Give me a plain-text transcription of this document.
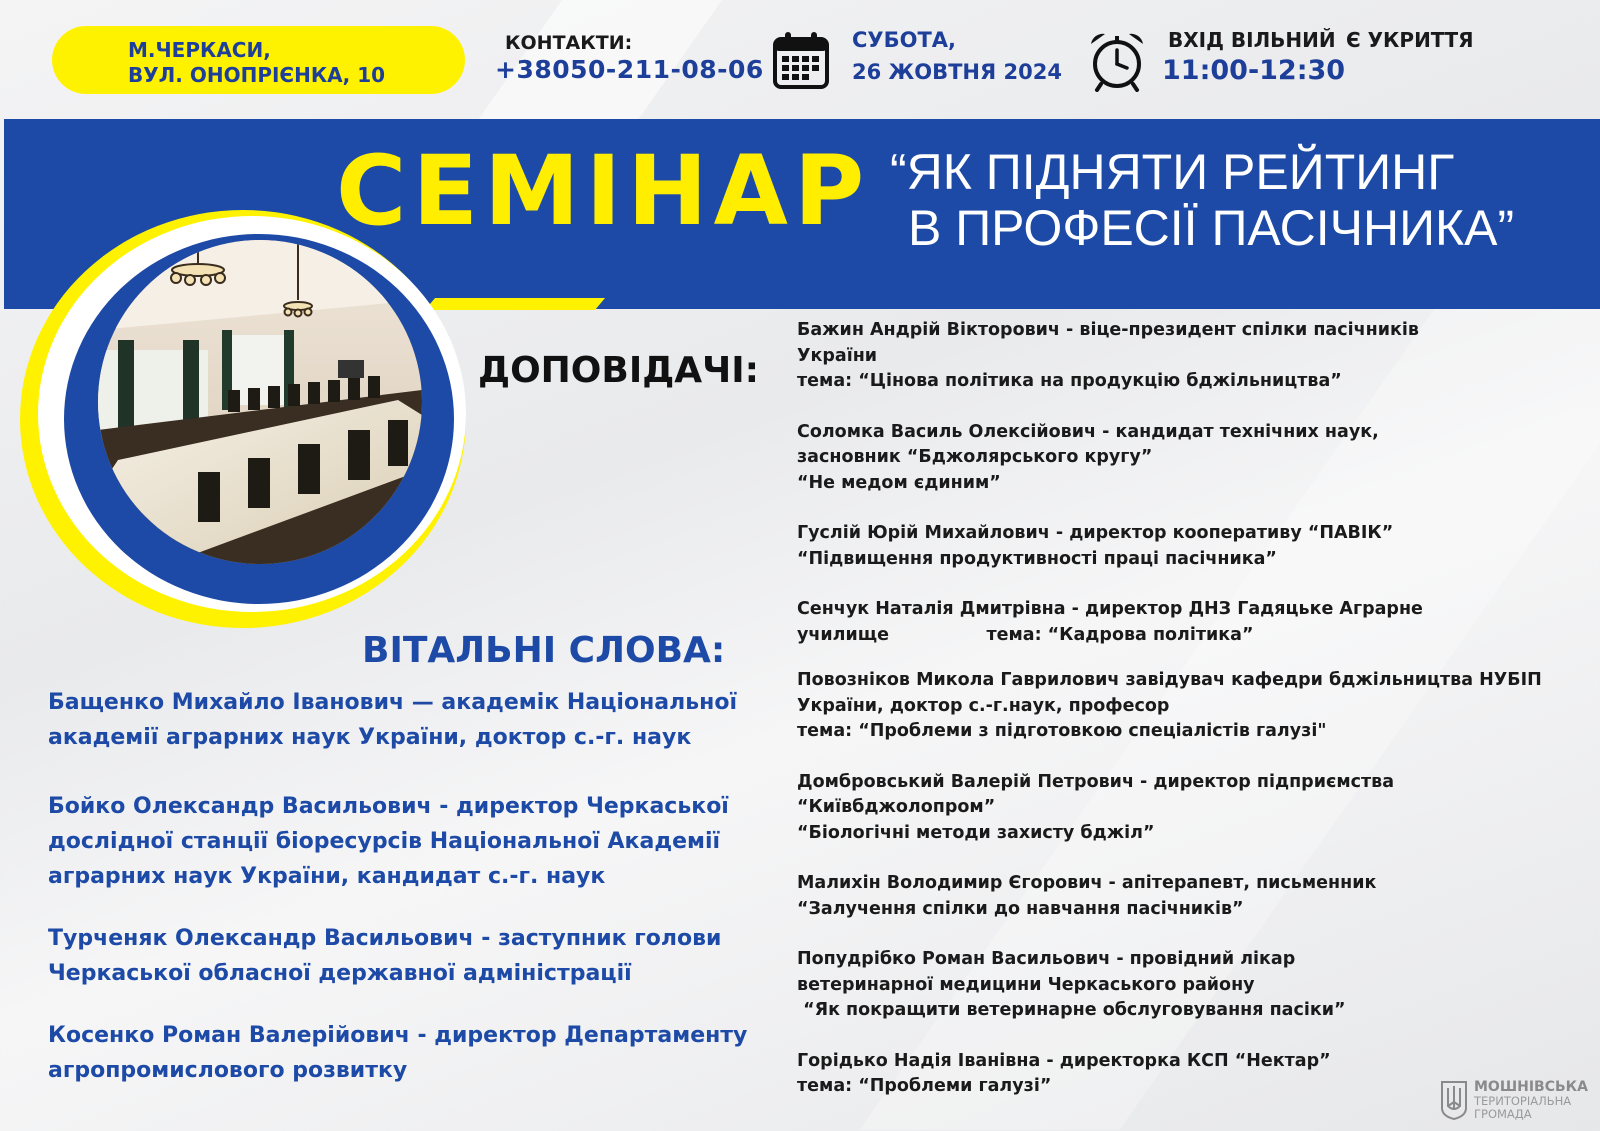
М.ЧЕРКАСИ,
ВУЛ. ОНОПРІЄНКА, 10
КОНТАКТИ:
+38050-211-08-06
СУБОТА,
26 ЖОВТНЯ 2024
ВХІД ВІЛЬНИЙ Є УКРИТТЯ
11:00-12:30
СЕМІНАР “ЯК ПІДНЯТИ РЕЙТИНГ
В ПРОФЕСІЇ ПАСІЧНИКА”
ДОПОВІДАЧІ:
ВІТАЛЬНІ СЛОВА:
Бащенко Михайло Іванович — академік Національної
академії аграрних наук України, доктор с.-г. наук
Бойко Олександр Васильович - директор Черкаської
дослідної станції біоресурсів Національної Академії
аграрних наук України, кандидат с.-г. наук
Турченяк Олександр Васильович - заступник голови
Черкаської обласної державної адміністрації
Косенко Роман Валерійович - директор Департаменту
агропромислового розвитку
Бажин Андрій Вікторович - віце-президент спілки пасічників
України
тема: “Цінова політика на продукцію бджільництва”
Соломка Василь Олексійович - кандидат технічних наук,
засновник “Бджолярського кругу”
“Не медом єдиним”
Гуслій Юрій Михайлович - директор кооперативу “ПАВІК”
“Підвищення продуктивності праці пасічника”
Сенчук Наталія Дмитрівна - директор ДНЗ Гадяцьке Аграрне
училище                тема: “Кадрова політика”
Повозніков Микола Гаврилович завідувач кафедри бджільництва НУБІП
України, доктор с.-г.наук, професор
тема: “Проблеми з підготовкою спеціалістів галузі"
Домбровський Валерій Петрович - директор підприємства
“Київбджолопром”
“Біологічні методи захисту бджіл”
Малихін Володимир Єгорович - апітерапевт, письменник
“Залучення спілки до навчання пасічників”
Попудрібко Роман Васильович - провідний лікар
ветеринарної медицини Черкаського району
“Як покращити ветеринарне обслуговування пасіки”
Горідько Надія Іванівна - директорка КСП “Нектар”
тема: “Проблеми галузі”	МОШНІВСЬКА
ТЕРИТОРІАЛЬНА
ГРОМАДА
